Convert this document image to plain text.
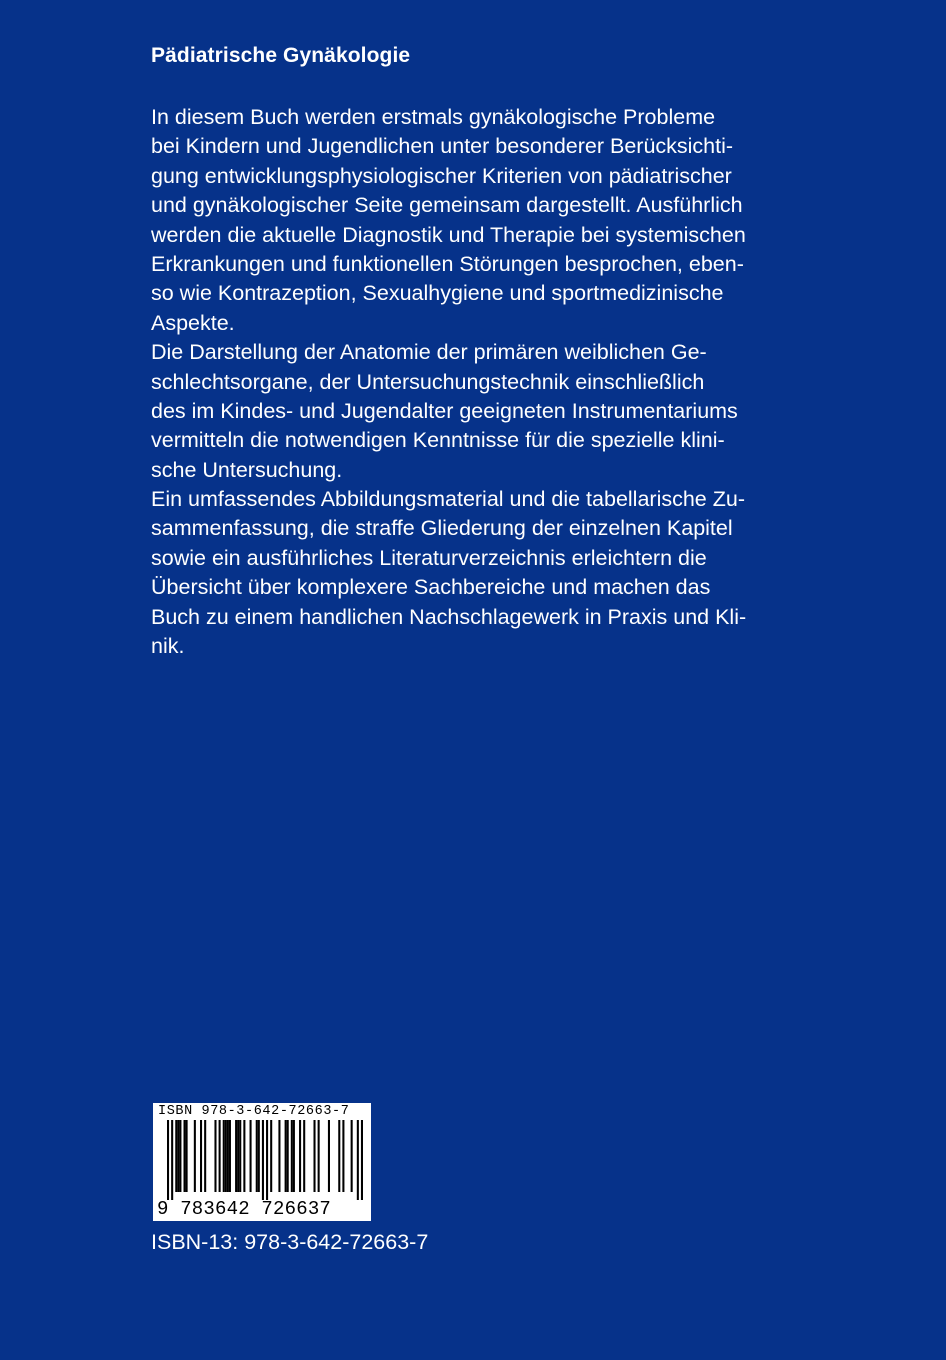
Pädiatrische Gynäkologie
In diesem Buch werden erstmals gynäkologische Probleme
bei Kindern und Jugendlichen unter besonderer Berücksichti-
gung entwicklungsphysiologischer Kriterien von pädiatrischer
und gynäkologischer Seite gemeinsam dargestellt. Ausführlich
werden die aktuelle Diagnostik und Therapie bei systemischen
Erkrankungen und funktionellen Störungen besprochen, eben-
so wie Kontrazeption, Sexualhygiene und sportmedizinische
Aspekte.
Die Darstellung der Anatomie der primären weiblichen Ge-
schlechtsorgane, der Untersuchungstechnik einschließlich
des im Kindes- und Jugendalter geeigneten Instrumentariums
vermitteln die notwendigen Kenntnisse für die spezielle klini-
sche Untersuchung.
Ein umfassendes Abbildungsmaterial und die tabellarische Zu-
sammenfassung, die straffe Gliederung der einzelnen Kapitel
sowie ein ausführliches Literaturverzeichnis erleichtern die
Übersicht über komplexere Sachbereiche und machen das
Buch zu einem handlichen Nachschlagewerk in Praxis und Kli-
nik.
ISBN 978-3-642-72663-7
9 783642 726637
ISBN-13: 978-3-642-72663-7
